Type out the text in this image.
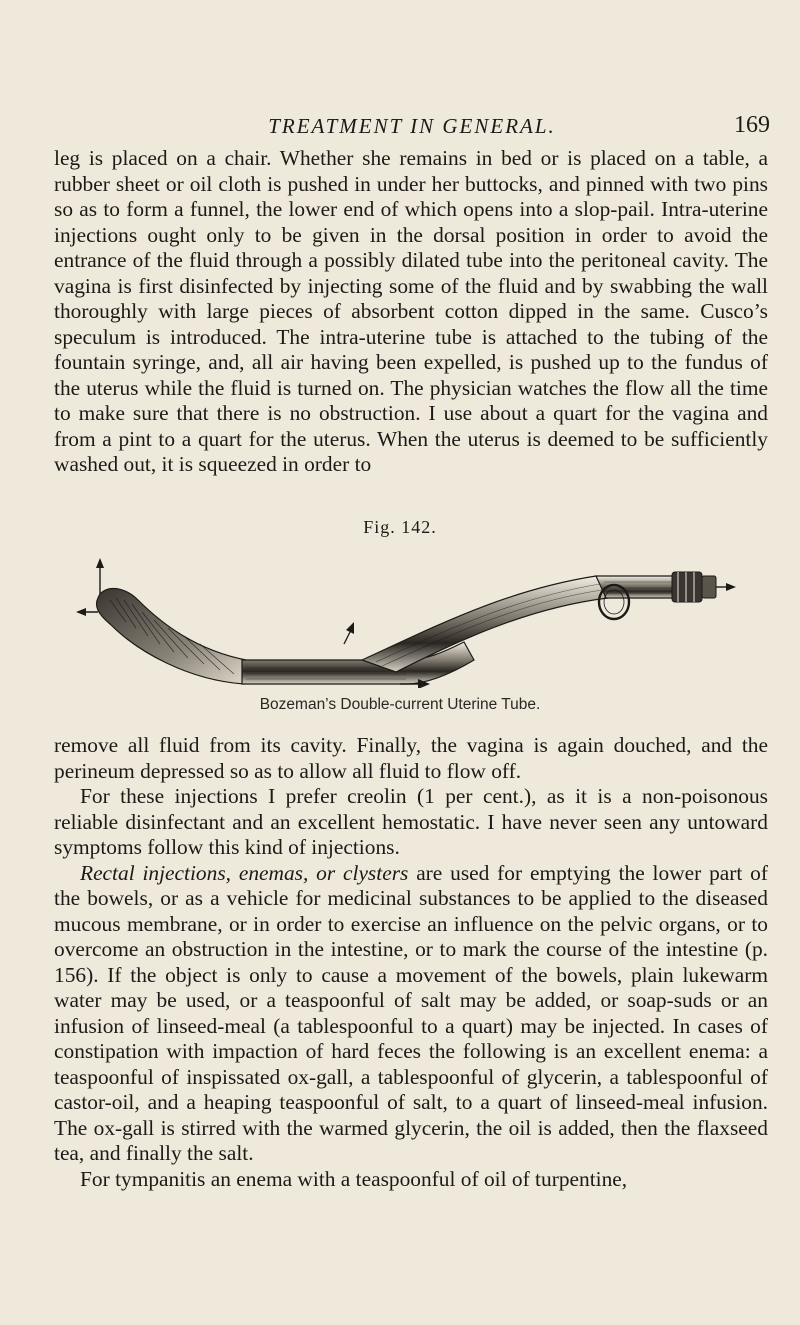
TREATMENT IN GENERAL.	169

leg is placed on a chair. Whether she remains in bed or is placed on a table, a rubber sheet or oil cloth is pushed in under her buttocks, and pinned with two pins so as to form a funnel, the lower end of which opens into a slop-pail. Intra-uterine injections ought only to be given in the dorsal position in order to avoid the entrance of the fluid through a possibly dilated tube into the peritoneal cavity. The vagina is first disinfected by injecting some of the fluid and by swabbing the wall thoroughly with large pieces of absorbent cotton dipped in the same. Cusco’s speculum is introduced. The intra-uterine tube is attached to the tubing of the fountain syringe, and, all air having been expelled, is pushed up to the fundus of the uterus while the fluid is turned on. The physician watches the flow all the time to make sure that there is no obstruction. I use about a quart for the vagina and from a pint to a quart for the uterus. When the uterus is deemed to be sufficiently washed out, it is squeezed in order to

Fig. 142.
Bozeman’s Double-current Uterine Tube.

remove all fluid from its cavity. Finally, the vagina is again douched, and the perineum depressed so as to allow all fluid to flow off.

For these injections I prefer creolin (1 per cent.), as it is a non-poisonous reliable disinfectant and an excellent hemostatic. I have never seen any untoward symptoms follow this kind of injections.

Rectal injections, enemas, or clysters are used for emptying the lower part of the bowels, or as a vehicle for medicinal substances to be applied to the diseased mucous membrane, or in order to exercise an influence on the pelvic organs, or to overcome an obstruction in the intestine, or to mark the course of the intestine (p. 156). If the object is only to cause a movement of the bowels, plain lukewarm water may be used, or a teaspoonful of salt may be added, or soap-suds or an infusion of linseed-meal (a tablespoonful to a quart) may be injected. In cases of constipation with impaction of hard feces the following is an excellent enema: a teaspoonful of inspissated ox-gall, a tablespoonful of glycerin, a tablespoonful of castor-oil, and a heaping teaspoonful of salt, to a quart of linseed-meal infusion. The ox-gall is stirred with the warmed glycerin, the oil is added, then the flaxseed tea, and finally the salt.

For tympanitis an enema with a teaspoonful of oil of turpentine,
